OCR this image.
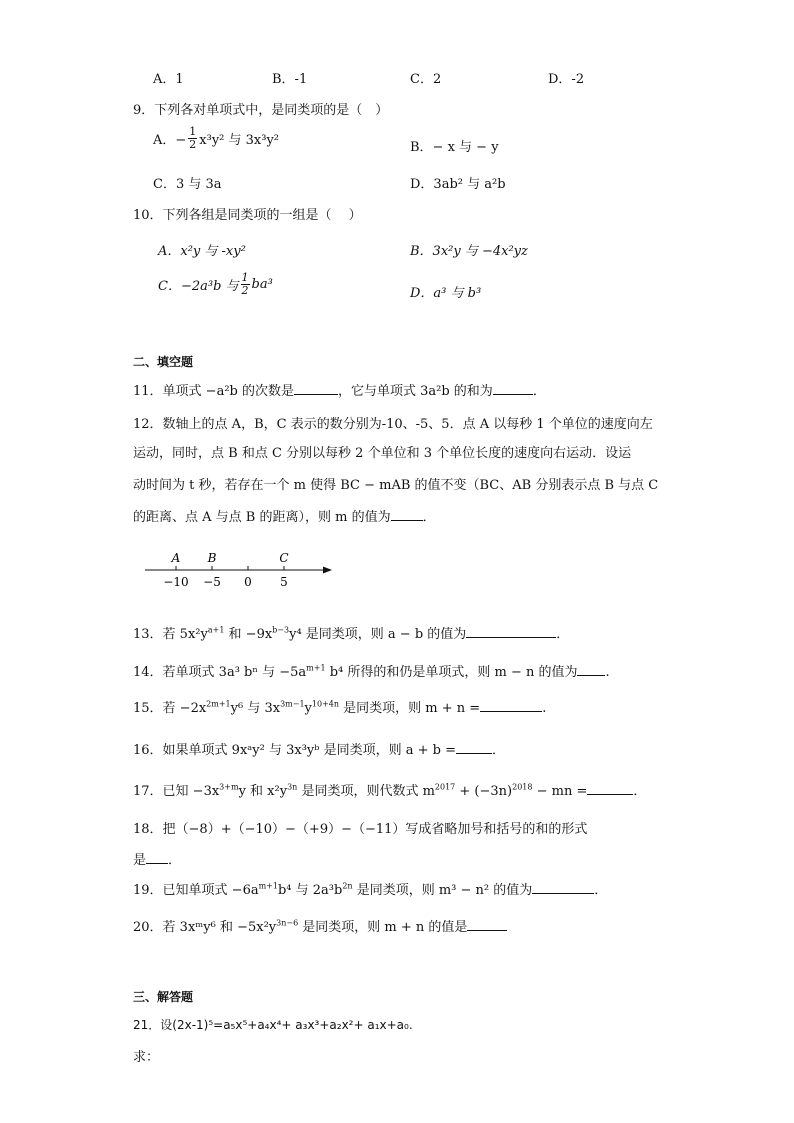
A．1	B．-1	C．2	D．-2
9．下列各对单项式中，是同类项的是（　）
A．− $\frac{1}{2} x^3y^2$ 与 3x³y²	B．− x 与 − y
C．3 与 3a	D．3ab² 与 a²b
10．下列各组是同类项的一组是（　 ）
A．x²y 与 -xy²	B．3x²y 与 −4x²yz
C．−2a³b 与 $\frac{1}{2} ba^3$
D．a³ 与 b³
二、填空题
11．单项式 −a²b 的次数是	，它与单项式 3a²b 的和为	．
12．数轴上的点 A，B，C 表示的数分别为-10、-5、5．点 A 以每秒 1 个单位的速度向左
运动，同时，点 B 和点 C 分别以每秒 2 个单位和 3 个单位长度的速度向右运动．设运
动时间为 t 秒，若存在一个 m 使得 BC − mAB 的值不变（BC、AB 分别表示点 B 与点 C
的距离、点 A 与点 B 的距离），则 m 的值为 ．
−10 −5 0 5
A B	C
13．若 $5x^2y^{a+1}$ 和 $-9x^{b-3}y^4$ 是同类项，则 a − b 的值为	．
14．若单项式 3a³ bⁿ 与 $-5a^{m+1}$ b⁴ 所得的和仍是单项式，则 m − n 的值为 .
15．若 $-2x^{2m+1}y^6$ 与 $3x^{3m-1}y^{10+4n}$ 是同类项，则 m + n =	.
16．如果单项式 9xᵃy² 与 3x³yᵇ 是同类项，则 a + b =	．
17．已知 $-3x^{3+m}y$ 和 $x^2y^{3n}$ 是同类项，则代数式 $m^{2017} + (-3n)^{2018}$ − mn =	．
18．把（−8）+（−10）−（+9）−（−11）写成省略加号和括号的和的形式
是 ．
19．已知单项式 $-6a^{m+1}b^4$ 与 $2a^3b^{2n}$ 是同类项，则 m³ − n² 的值为	．
20．若 3xᵐy⁶ 和 $-5x^2y^{3n-6}$ 是同类项，则 m + n 的值是
三、解答题
21．设(2x-1)⁵=a₅x⁵+a₄x⁴+ a₃x³+a₂x²+ a₁x+a₀.
求：
